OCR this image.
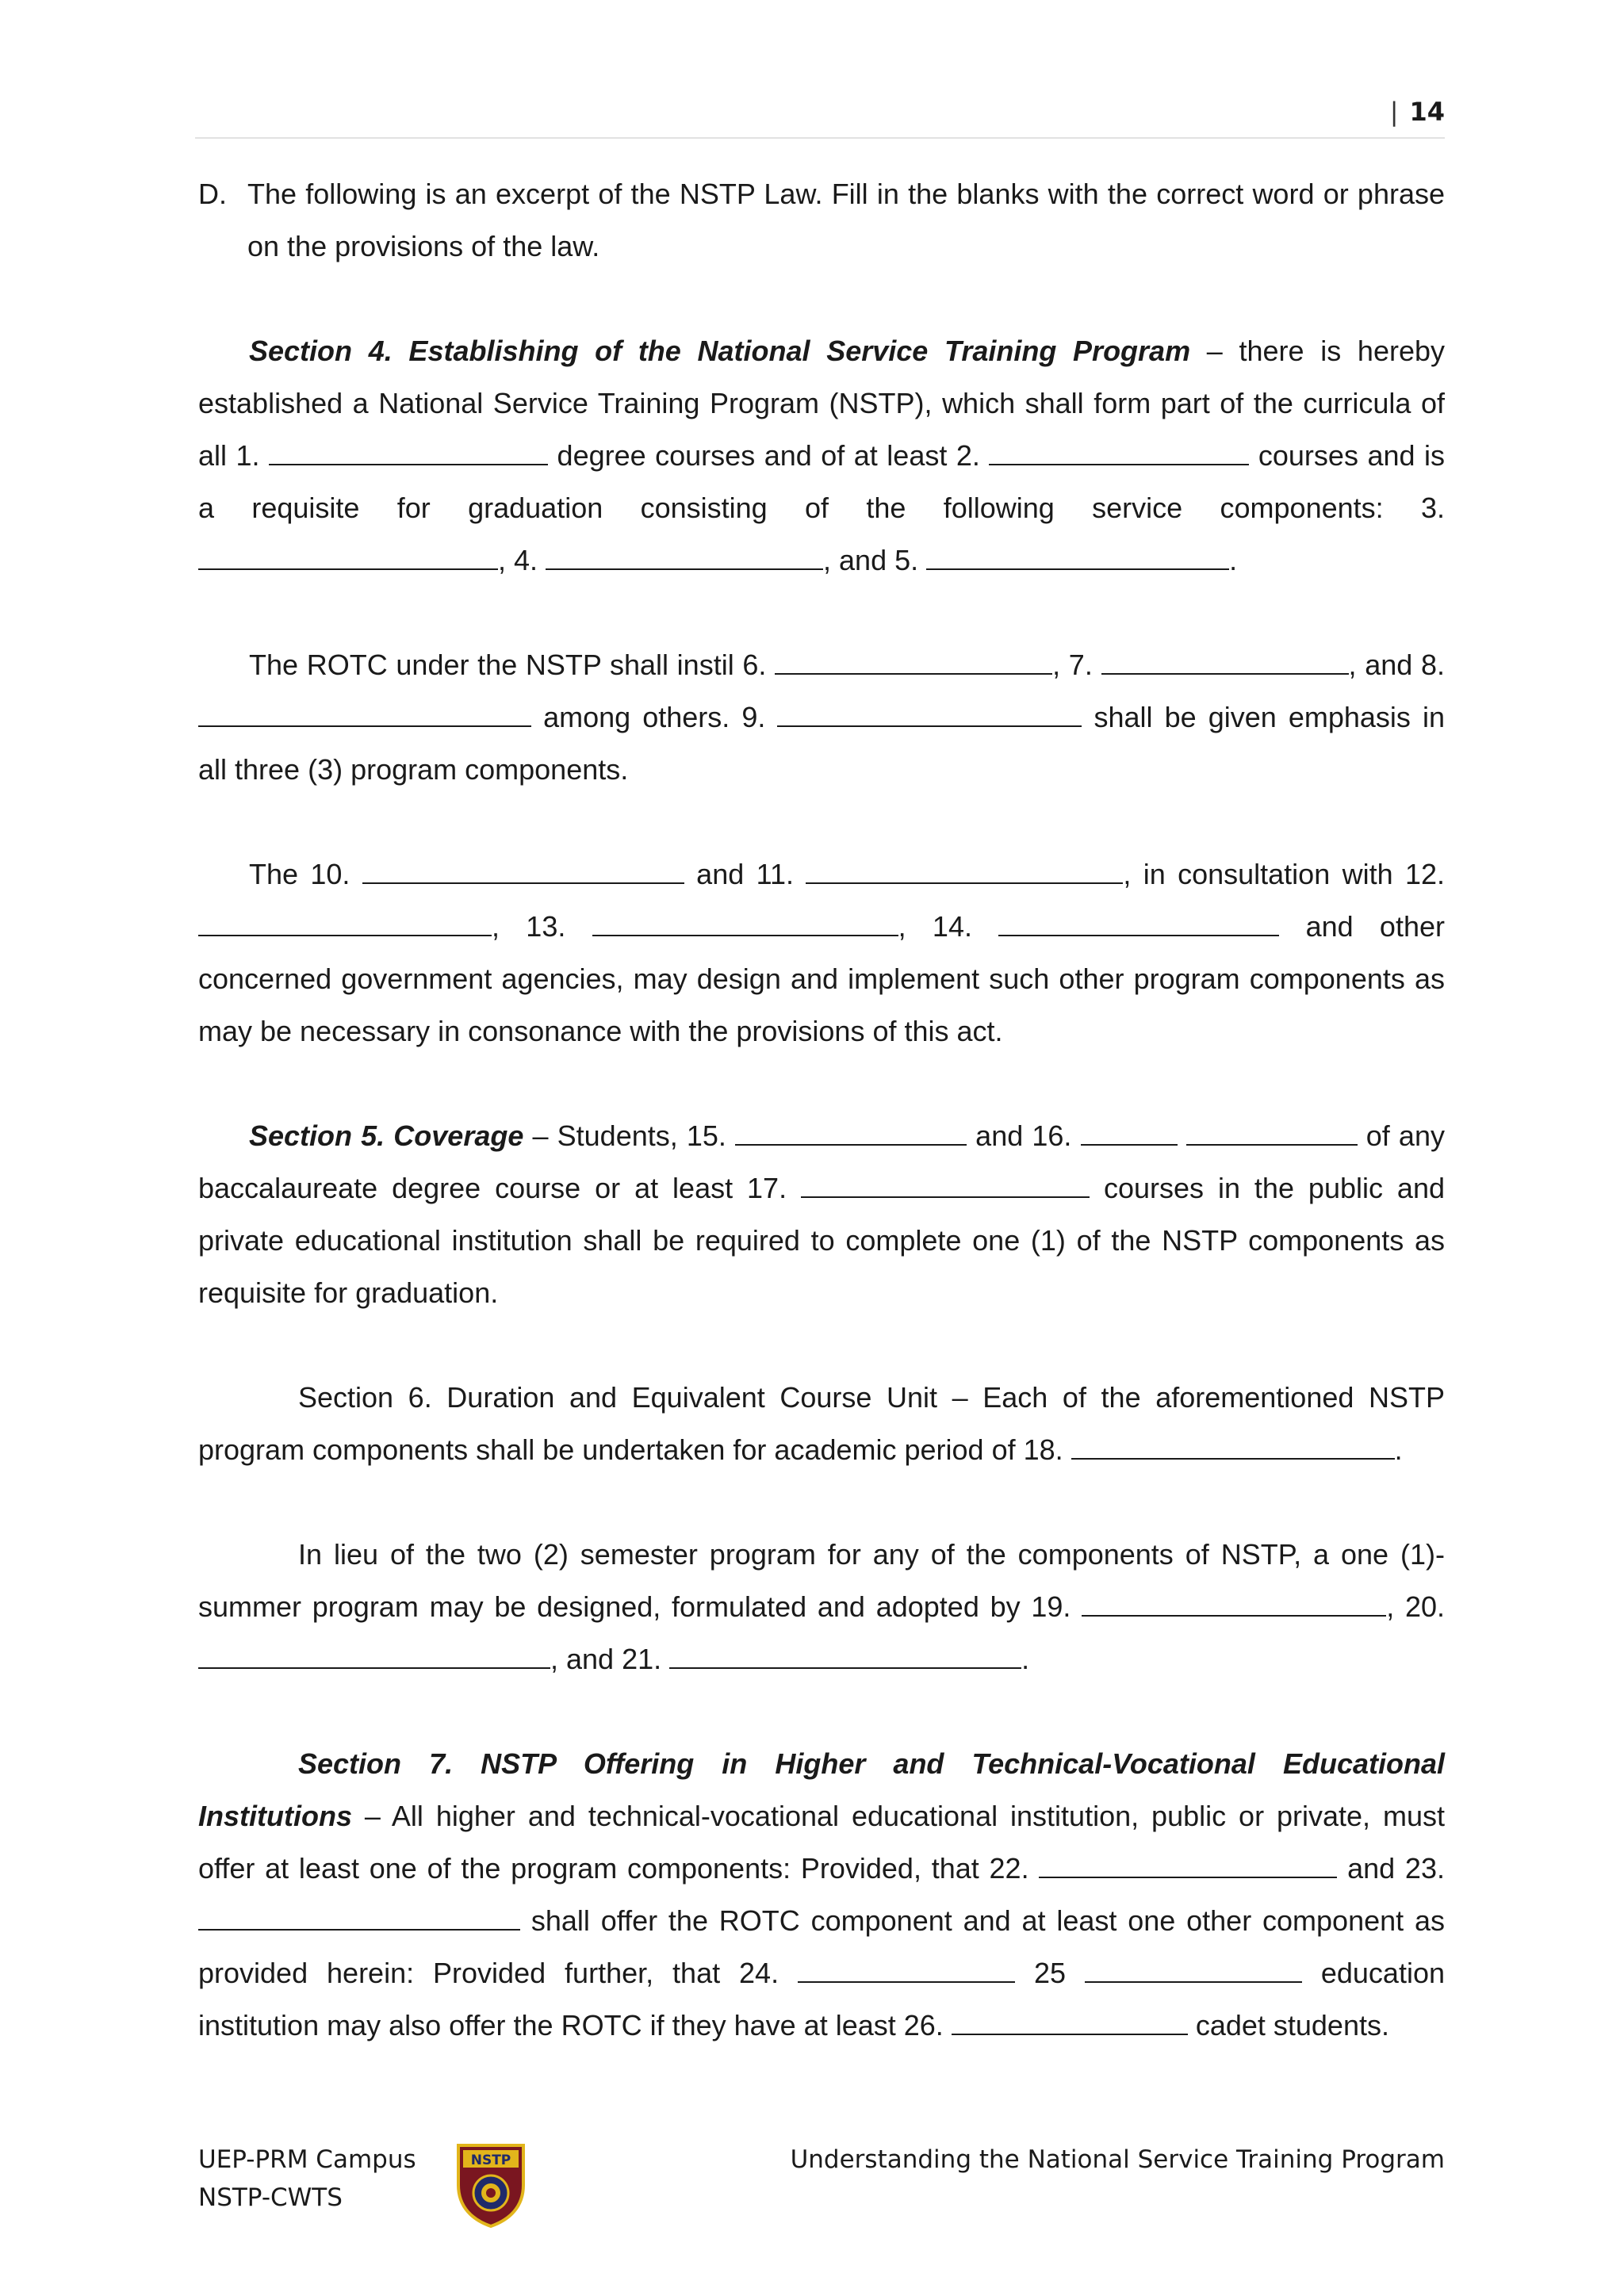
| 14
D. The following is an excerpt of the NSTP Law. Fill in the blanks with the correct word or phrase on the provisions of the law.

Section 4. Establishing of the National Service Training Program – there is hereby established a National Service Training Program (NSTP), which shall form part of the curricula of all 1.	degree courses and of at least 2.	courses and is a requisite for graduation consisting of the following service components: 3. , 4.	, and 5.	.

The ROTC under the NSTP shall instil 6.	, 7.	, and 8.  among others. 9.	shall be given emphasis in all three (3) program components.

The 10.	and 11.	, in consultation with 12. , 13.	, 14.	and other concerned government agencies, may design and implement such other program components as may be necessary in consonance with the provisions of this act.

Section 5. Coverage – Students, 15.	and 16.	of any baccalaureate degree course or at least 17.	courses in the public and private educational institution shall be required to complete one (1) of the NSTP components as requisite for graduation.

Section 6. Duration and Equivalent Course Unit – Each of the aforementioned NSTP program components shall be undertaken for academic period of 18.	.

In lieu of the two (2) semester program for any of the components of NSTP, a one (1)-summer program may be designed, formulated and adopted by 19.	, 20. , and 21.	.

Section 7. NSTP Offering in Higher and Technical-Vocational Educational Institutions – All higher and technical-vocational educational institution, public or private, must offer at least one of the program components: Provided, that 22.	and 23.  shall offer the ROTC component and at least one other component as provided herein: Provided further, that 24.	25	education institution may also offer the ROTC if they have at least 26.	cadet students.

UEP-PRM Campus
NSTP-CWTS
NSTP	Understanding the National Service Training Program
